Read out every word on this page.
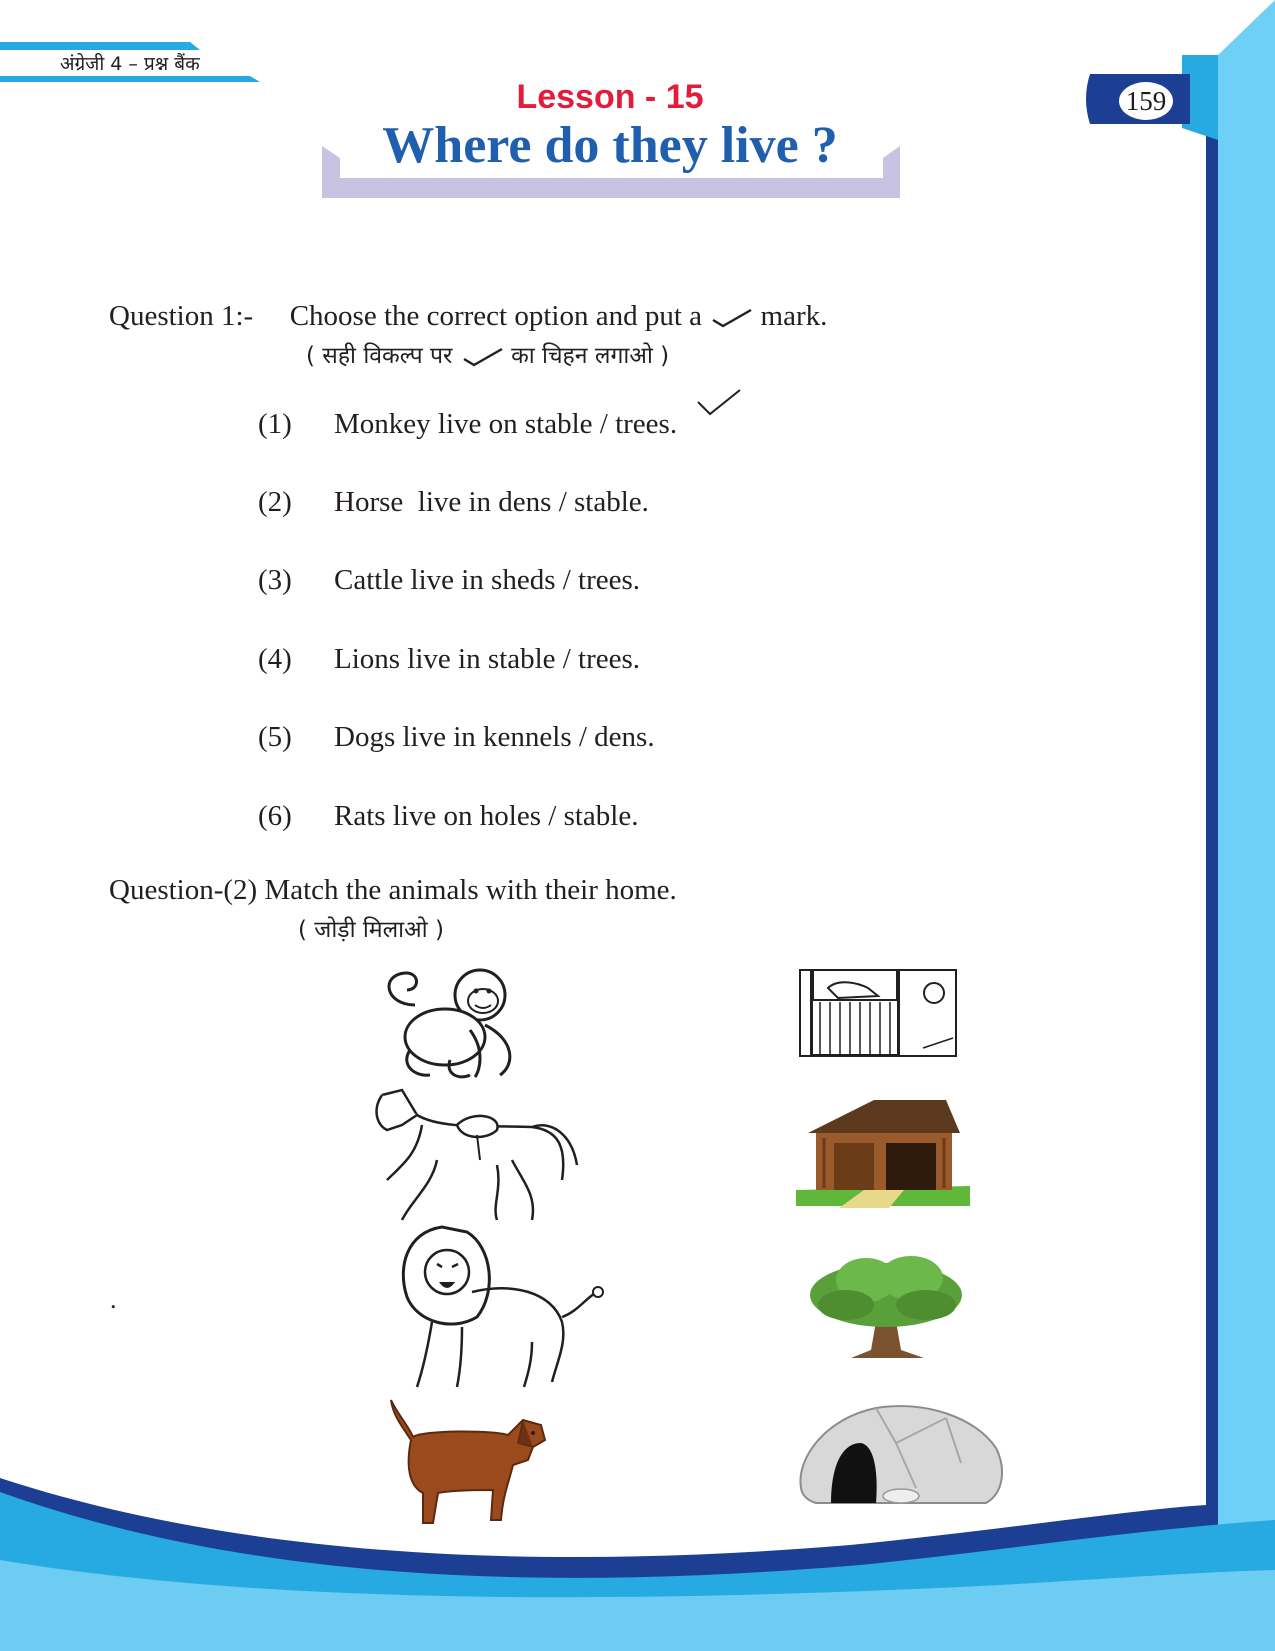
अंग्रेजी 4 – प्रश्न बैंक
159
Lesson - 15
Where do they live ?
Question 1:- Choose the correct option and put a mark.
( सही विकल्प पर	का चिहन लगाओ )
(1) Monkey live on stable / trees.
(2) Horse  live in dens / stable.
(3) Cattle live in sheds / trees.
(4) Lions live in stable / trees.
(5) Dogs live in kennels / dens.
(6) Rats live on holes / stable.
Question-(2) Match the animals with their home.
( जोड़ी मिलाओ )
.
